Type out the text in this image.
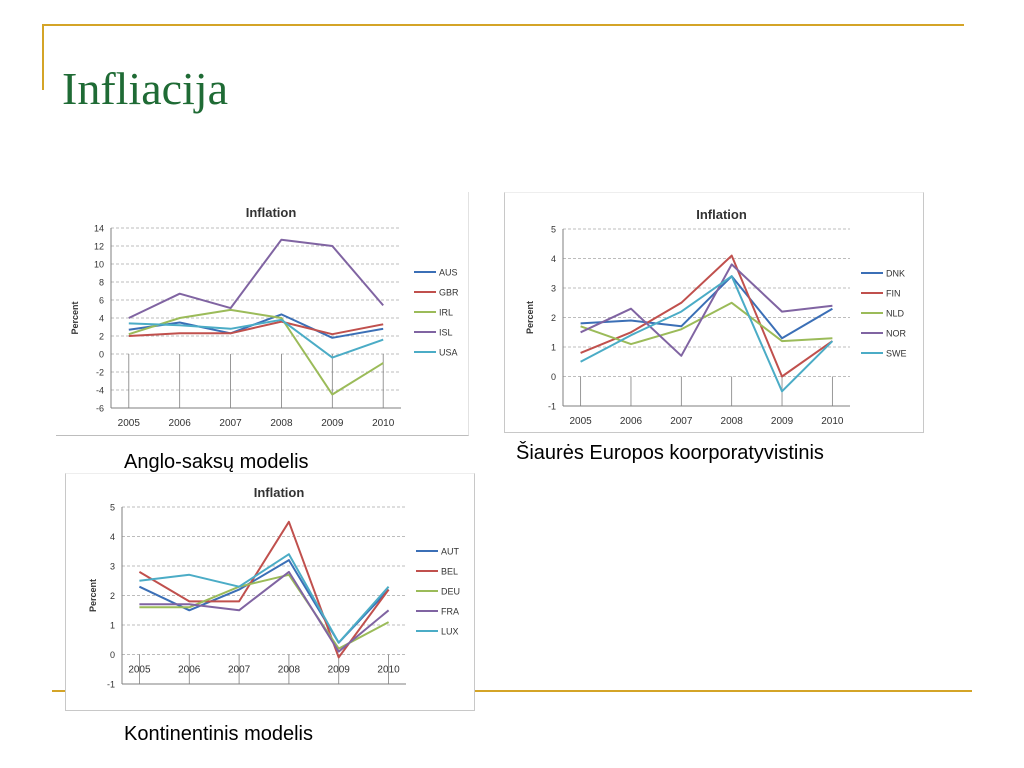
Infliacija
Inflation
14
12
10
8
6
4
2
0
-2
-4
-6
2005	2006	2007	2008	2009	2010
Percent
AUS
GBR
IRL
ISL
USA
Inflation
5
4
3
2
1
0
-1
2005	2006	2007	2008	2009	2010
Percent
DNK
FIN
NLD
NOR
SWE
Inflation
5
4
3
2
1
0
-1
2005	2006	2007	2008	2009	2010
Percent
AUT
BEL
DEU
FRA
LUX

Šiaurės Europos koorporatyvistinis

Anglo-saksų modelis

Kontinentinis modelis
